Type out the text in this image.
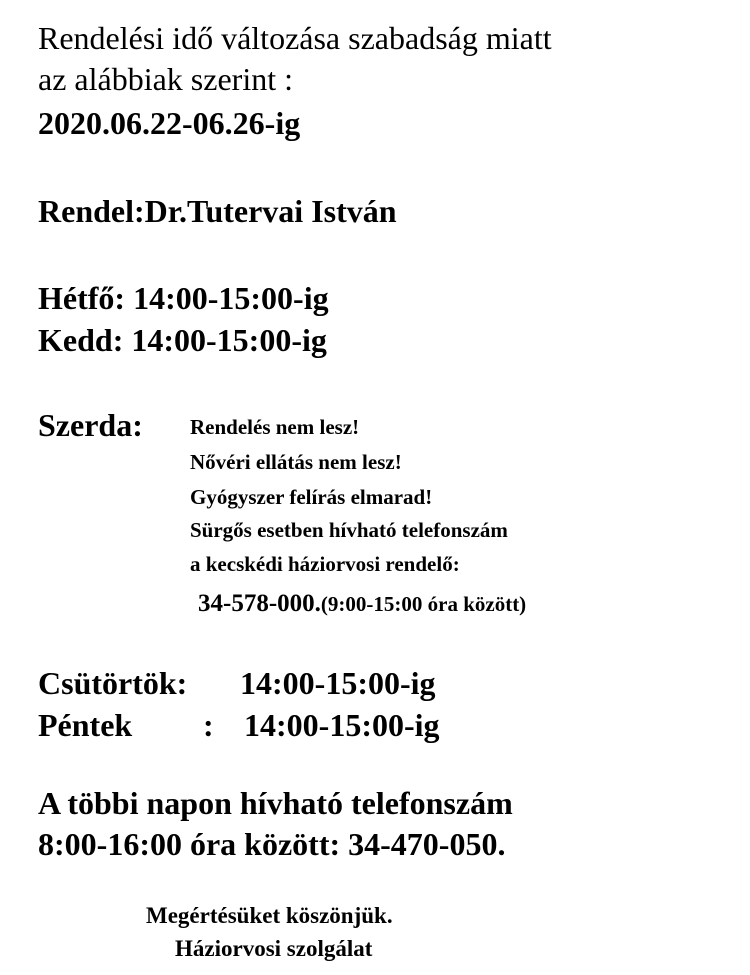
Rendelési idő változása szabadság miatt
az alábbiak szerint :
2020.06.22-06.26-ig
Rendel:Dr.Tutervai István
Hétfő: 14:00-15:00-ig
Kedd: 14:00-15:00-ig
Szerda: Rendelés nem lesz!
Nővéri ellátás nem lesz!
Gyógyszer felírás elmarad!
Sürgős esetben hívható telefonszám
a kecskédi háziorvosi rendelő:
34-578-000.(9:00-15:00 óra között)
Csütörtök: 14:00-15:00-ig
Péntek : 14:00-15:00-ig
A többi napon hívható telefonszám
8:00-16:00 óra között: 34-470-050.
Megértésüket köszönjük.
Háziorvosi szolgálat
